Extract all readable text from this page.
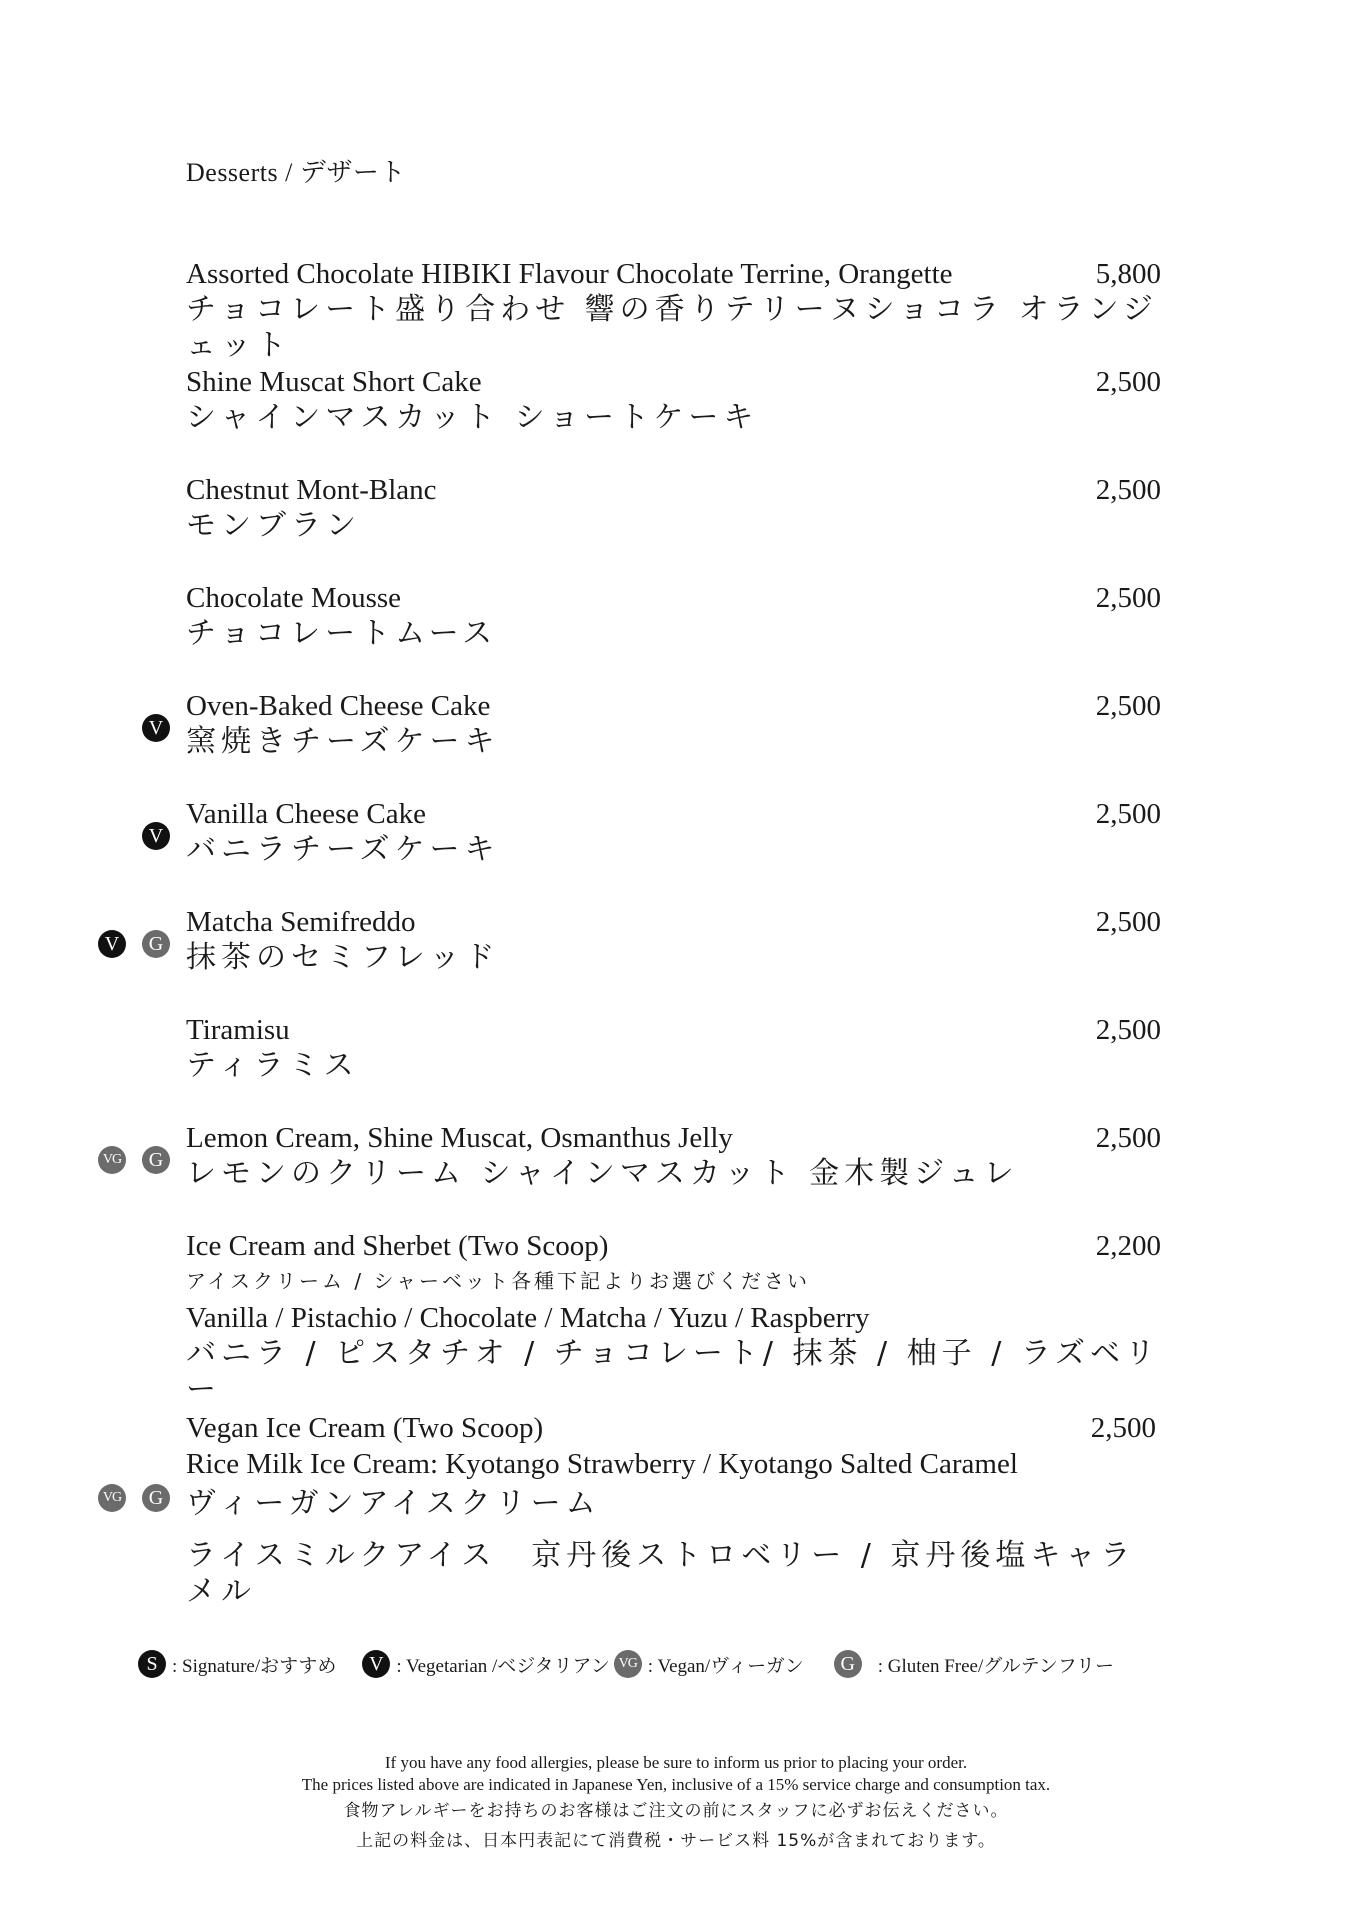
Desserts / デザート
Assorted Chocolate HIBIKI Flavour Chocolate Terrine, Orangette	5,800
チョコレート盛り合わせ 響の香りテリーヌショコラ オランジェット
Shine Muscat Short Cake	2,500
シャインマスカット ショートケーキ
Chestnut Mont-Blanc	2,500
モンブラン
Chocolate Mousse	2,500
チョコレートムース
V
Oven-Baked Cheese Cake	2,500
窯焼きチーズケーキ
V
Vanilla Cheese Cake	2,500
バニラチーズケーキ
V	G
Matcha Semifreddo	2,500
抹茶のセミフレッド
Tiramisu	2,500
ティラミス
VG	G
Lemon Cream, Shine Muscat, Osmanthus Jelly	2,500
レモンのクリーム シャインマスカット 金木製ジュレ
Ice Cream and Sherbet (Two Scoop)	2,200
アイスクリーム / シャーベット各種下記よりお選びください
Vanilla / Pistachio / Chocolate / Matcha / Yuzu / Raspberry
バニラ / ピスタチオ / チョコレート/ 抹茶 / 柚子 / ラズベリー
VG	G
Vegan Ice Cream (Two Scoop)	2,500
Rice Milk Ice Cream: Kyotango Strawberry / Kyotango Salted Caramel
ヴィーガンアイスクリーム
ライスミルクアイス　京丹後ストロベリー / 京丹後塩キャラメル
S : Signature/おすすめ	V : Vegetarian /ベジタリアン VG : Vegan/ヴィーガン	G	: Gluten Free/グルテンフリー
If you have any food allergies, please be sure to inform us prior to placing your order.
The prices listed above are indicated in Japanese Yen, inclusive of a 15% service charge and consumption tax.
食物アレルギーをお持ちのお客様はご注文の前にスタッフに必ずお伝えください。
上記の料金は、日本円表記にて消費税・サービス料 15%が含まれております。
